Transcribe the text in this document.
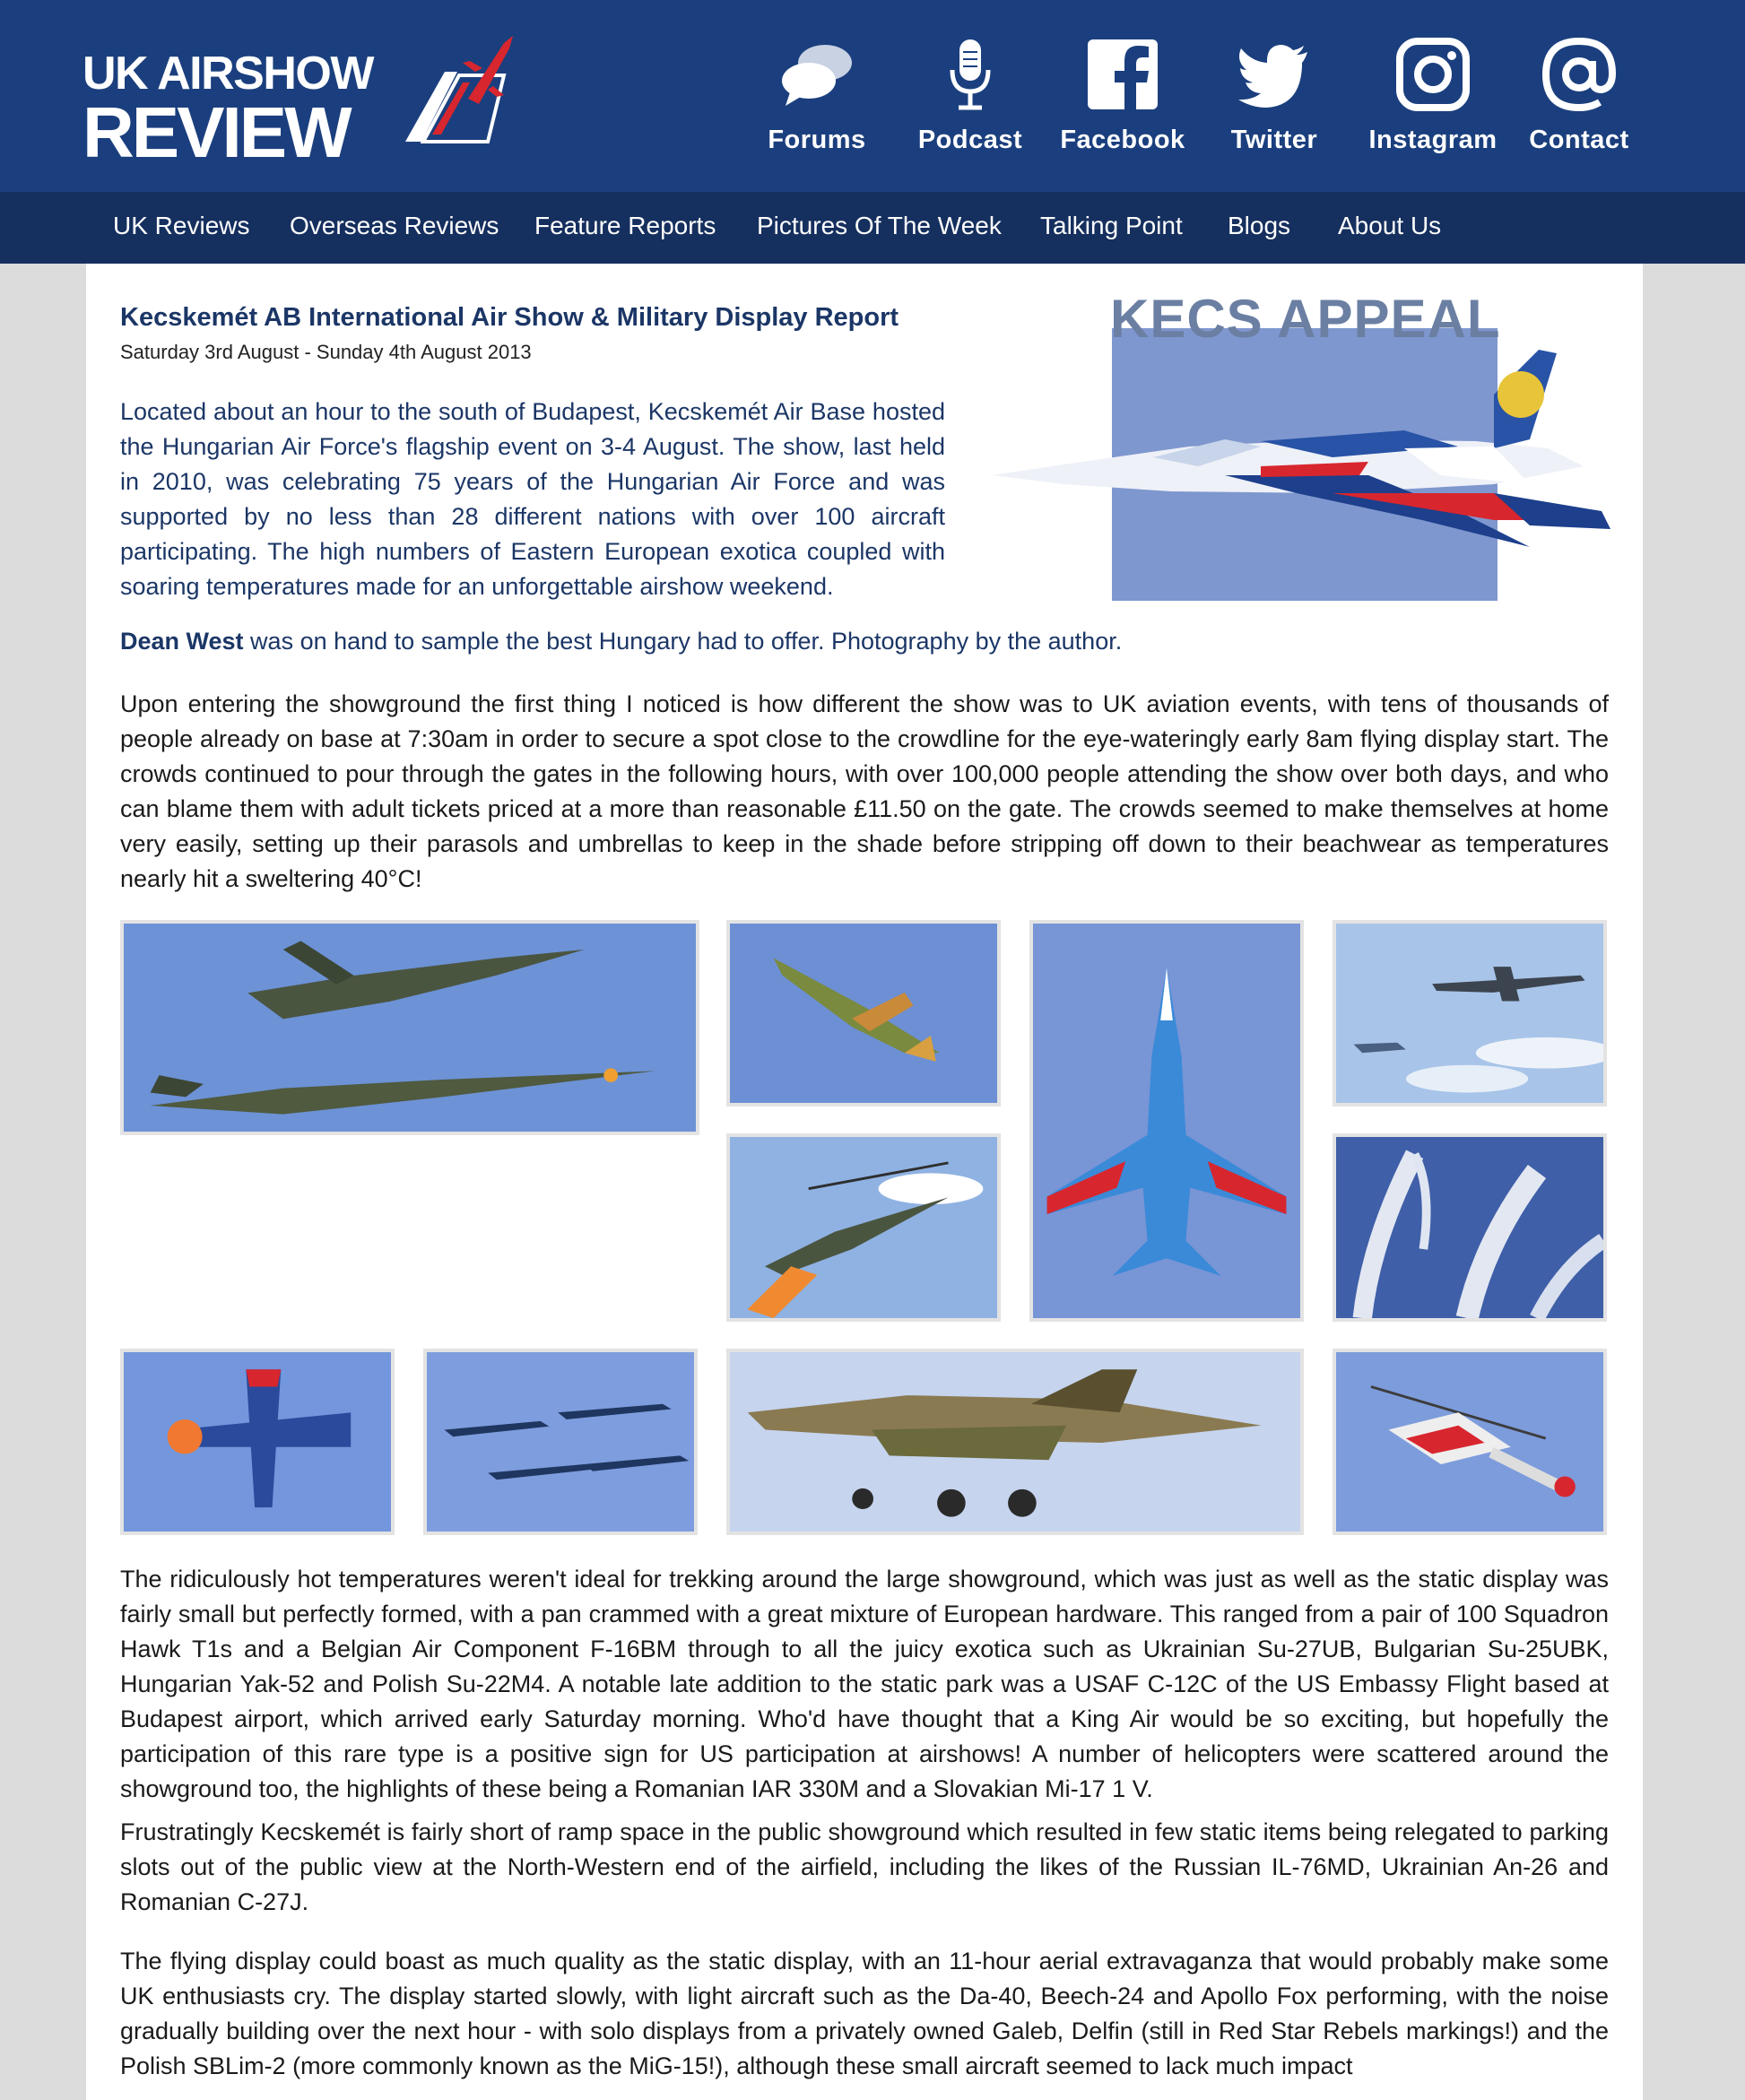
UK AIRSHOW
REVIEW	Forums	Podcast	Facebook	Twitter	Instagram	Contact
UK Reviews Overseas Reviews Feature Reports Pictures Of The Week Talking Point Blogs About Us
Kecskemét AB International Air Show & Military Display Report
Saturday 3rd August - Sunday 4th August 2013
Located about an hour to the south of Budapest, Kecskemét Air Base hosted the Hungarian Air Force's flagship event on 3-4 August. The show, last held in 2010, was celebrating 75 years of the Hungarian Air Force and was supported by no less than 28 different nations with over 100 aircraft participating. The high numbers of Eastern European exotica coupled with soaring temperatures made for an unforgettable airshow weekend.
KECS APPEAL
Dean West was on hand to sample the best Hungary had to offer. Photography by the author.
Upon entering the showground the first thing I noticed is how different the show was to UK aviation events, with tens of thousands of people already on base at 7:30am in order to secure a spot close to the crowdline for the eye-wateringly early 8am flying display start. The crowds continued to pour through the gates in the following hours, with over 100,000 people attending the show over both days, and who can blame them with adult tickets priced at a more than reasonable £11.50 on the gate. The crowds seemed to make themselves at home very easily, setting up their parasols and umbrellas to keep in the shade before stripping off down to their beachwear as temperatures nearly hit a sweltering 40°C!
The ridiculously hot temperatures weren't ideal for trekking around the large showground, which was just as well as the static display was fairly small but perfectly formed, with a pan crammed with a great mixture of European hardware. This ranged from a pair of 100 Squadron Hawk T1s and a Belgian Air Component F-16BM through to all the juicy exotica such as Ukrainian Su-27UB, Bulgarian Su-25UBK, Hungarian Yak-52 and Polish Su-22M4. A notable late addition to the static park was a USAF C-12C of the US Embassy Flight based at Budapest airport, which arrived early Saturday morning. Who'd have thought that a King Air would be so exciting, but hopefully the participation of this rare type is a positive sign for US participation at airshows! A number of helicopters were scattered around the showground too, the highlights of these being a Romanian IAR 330M and a Slovakian Mi-17 1 V.
Frustratingly Kecskemét is fairly short of ramp space in the public showground which resulted in few static items being relegated to parking slots out of the public view at the North-Western end of the airfield, including the likes of the Russian IL-76MD, Ukrainian An-26 and Romanian C-27J.
The flying display could boast as much quality as the static display, with an 11-hour aerial extravaganza that would probably make some UK enthusiasts cry. The display started slowly, with light aircraft such as the Da-40, Beech-24 and Apollo Fox performing, with the noise gradually building over the next hour - with solo displays from a privately owned Galeb, Delfin (still in Red Star Rebels markings!) and the Polish SBLim-2 (more commonly known as the MiG-15!), although these small aircraft seemed to lack much impact
